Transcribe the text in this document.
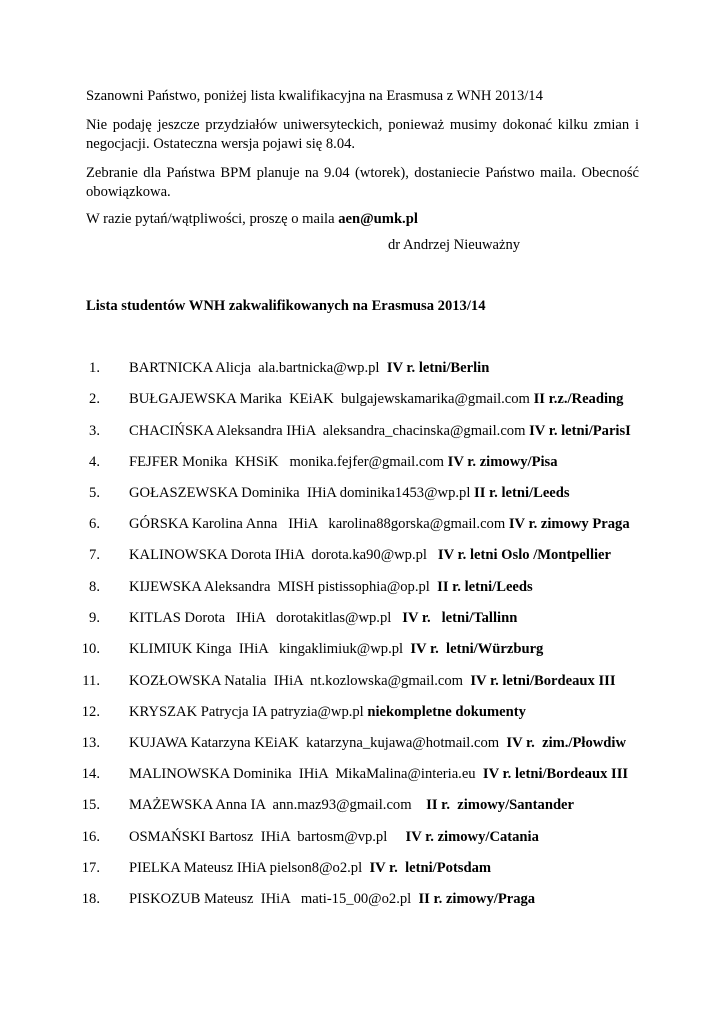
Szanowni Państwo, poniżej lista kwalifikacyjna na Erasmusa z WNH 2013/14

Nie podaję jeszcze przydziałów uniwersyteckich, ponieważ musimy dokonać kilku zmian i negocjacji. Ostateczna wersja pojawi się 8.04.

Zebranie dla Państwa BPM planuje na 9.04 (wtorek), dostaniecie Państwo maila. Obecność obowiązkowa.

W razie pytań/wątpliwości, proszę o maila aen@umk.pl

dr Andrzej Nieuważny
Lista studentów WNH zakwalifikowanych na Erasmusa 2013/14
1. BARTNICKA Alicja  ala.bartnicka@wp.pl  IV r. letni/Berlin
2. BUŁGAJEWSKA Marika  KEiAK  bulgajewskamarika@gmail.com II r.z./Reading
3. CHACIŃSKA Aleksandra IHiA  aleksandra_chacinska@gmail.com IV r. letni/ParisI
4. FEJFER Monika  KHSiK   monika.fejfer@gmail.com IV r. zimowy/Pisa
5. GOŁASZEWSKA Dominika  IHiA dominika1453@wp.pl II r. letni/Leeds
6. GÓRSKA Karolina Anna   IHiA   karolina88gorska@gmail.com IV r. zimowy Praga
7. KALINOWSKA Dorota IHiA  dorota.ka90@wp.pl   IV r. letni Oslo /Montpellier
8. KIJEWSKA Aleksandra  MISH pistissophia@op.pl  II r. letni/Leeds
9. KITLAS Dorota   IHiA   dorotakitlas@wp.pl   IV r.   letni/Tallinn
10. KLIMIUK Kinga  IHiA   kingaklimiuk@wp.pl  IV r.  letni/Würzburg
11. KOZŁOWSKA Natalia  IHiA  nt.kozlowska@gmail.com  IV r. letni/Bordeaux III
12. KRYSZAK Patrycja IA patryzia@wp.pl niekompletne dokumenty
13. KUJAWA Katarzyna KEiAK  katarzyna_kujawa@hotmail.com  IV r.  zim./Płowdiw
14. MALINOWSKA Dominika  IHiA  MikaMalina@interia.eu  IV r. letni/Bordeaux III
15. MAŻEWSKA Anna IA  ann.maz93@gmail.com    II r.  zimowy/Santander
16. OSMAŃSKI Bartosz  IHiA  bartosm@vp.pl     IV r. zimowy/Catania
17. PIELKA Mateusz IHiA pielson8@o2.pl  IV r.  letni/Potsdam
18. PISKOZUB Mateusz  IHiA   mati-15_00@o2.pl  II r. zimowy/Praga
